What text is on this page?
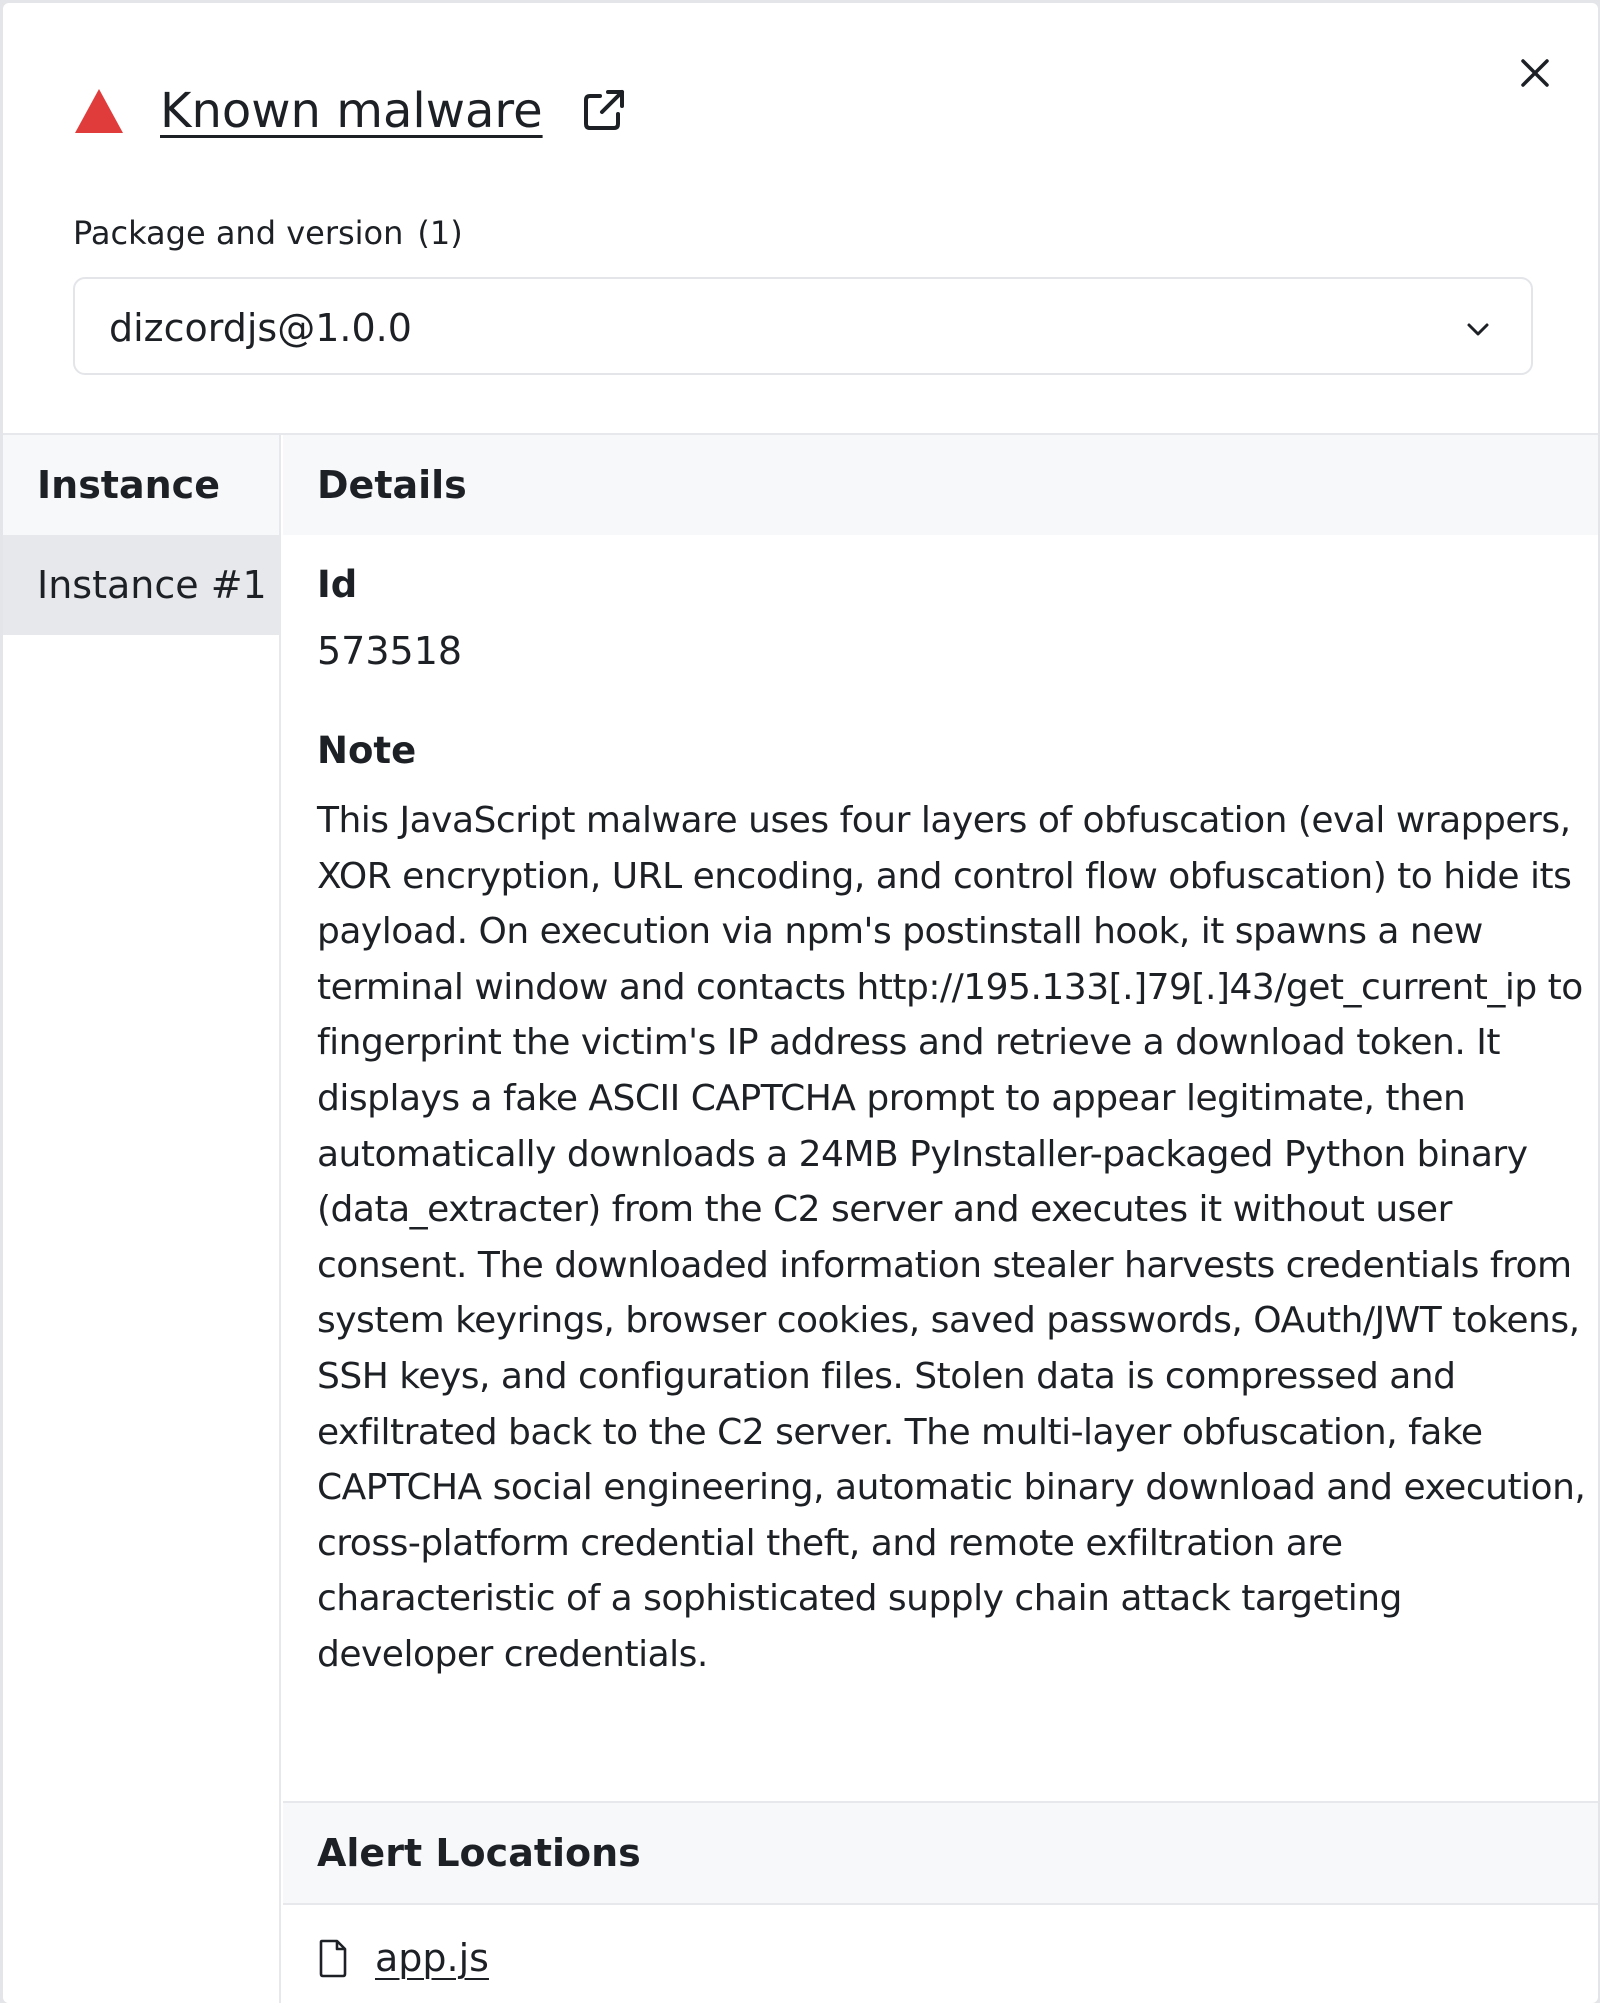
Known malware
Package and version (1)
dizcordjs@1.0.0
Instance
Instance #1
Details
Id
573518
Note
This JavaScript malware uses four layers of obfuscation (eval wrappers, XOR encryption, URL encoding, and control flow obfuscation) to hide its payload. On execution via npm's postinstall hook, it spawns a new terminal window and contacts http://195.133[.]79[.]43/get_current_ip to fingerprint the victim's IP address and retrieve a download token. It displays a fake ASCII CAPTCHA prompt to appear legitimate, then automatically downloads a 24MB PyInstaller-packaged Python binary (data_extracter) from the C2 server and executes it without user consent. The downloaded information stealer harvests credentials from system keyrings, browser cookies, saved passwords, OAuth/JWT tokens, SSH keys, and configuration files. Stolen data is compressed and exfiltrated back to the C2 server. The multi-layer obfuscation, fake CAPTCHA social engineering, automatic binary download and execution, cross-platform credential theft, and remote exfiltration are characteristic of a sophisticated supply chain attack targeting developer credentials.
Alert Locations
app.js
